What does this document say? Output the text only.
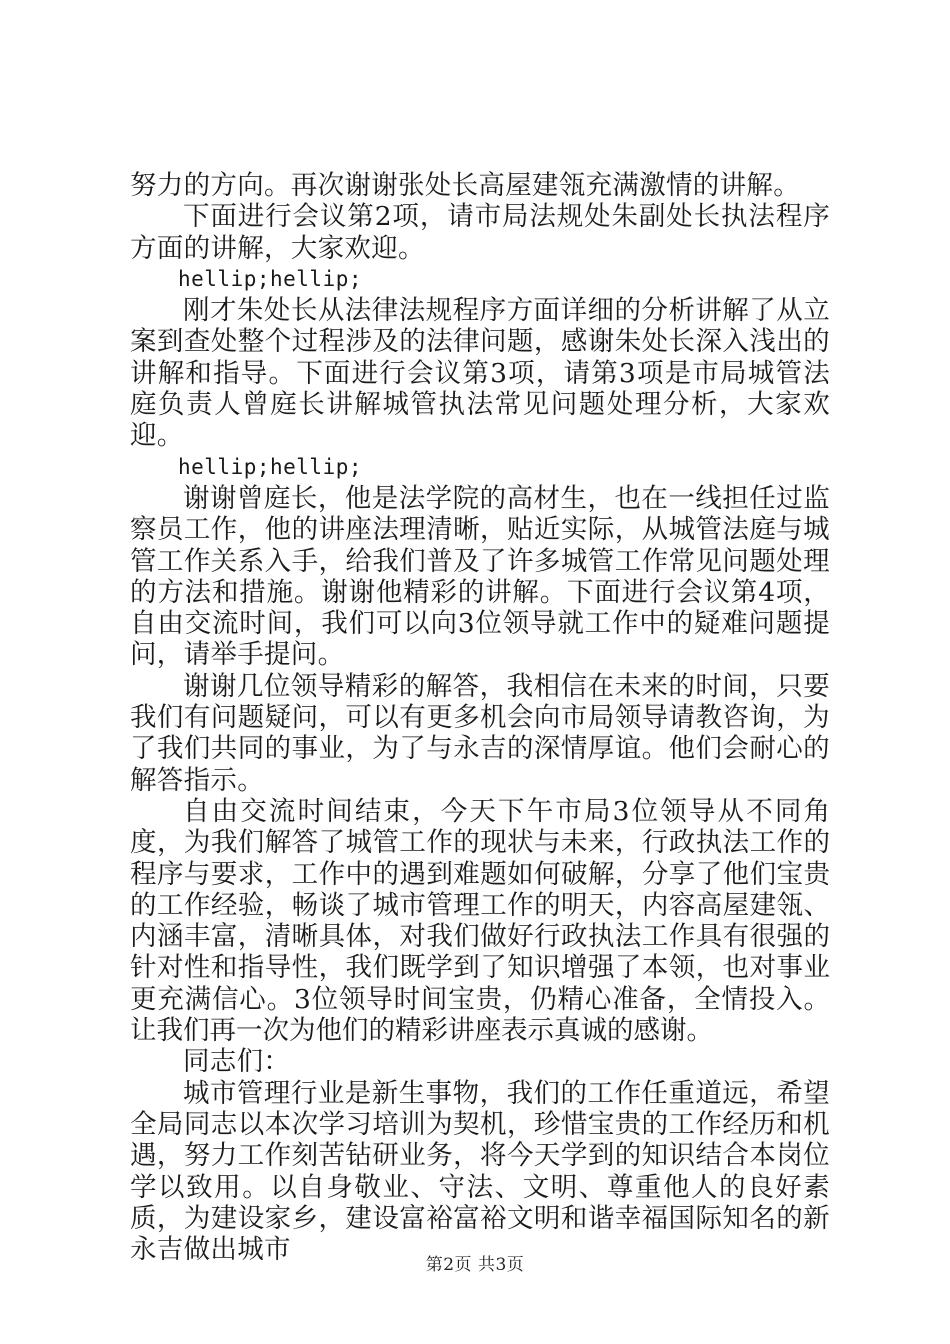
努力的方向。再次谢谢张处长高屋建瓴充满激情的讲解。

下面进行会议第2项，请市局法规处朱副处长执法程序方面的讲解，大家欢迎。

hellip;hellip;

刚才朱处长从法律法规程序方面详细的分析讲解了从立案到查处整个过程涉及的法律问题，感谢朱处长深入浅出的讲解和指导。下面进行会议第3项，请第3项是市局城管法庭负责人曾庭长讲解城管执法常见问题处理分析，大家欢迎。

hellip;hellip;

谢谢曾庭长，他是法学院的高材生，也在一线担任过监察员工作，他的讲座法理清晰，贴近实际，从城管法庭与城管工作关系入手，给我们普及了许多城管工作常见问题处理的方法和措施。谢谢他精彩的讲解。下面进行会议第4项，自由交流时间，我们可以向3位领导就工作中的疑难问题提问，请举手提问。

谢谢几位领导精彩的解答，我相信在未来的时间，只要我们有问题疑问，可以有更多机会向市局领导请教咨询，为了我们共同的事业，为了与永吉的深情厚谊。他们会耐心的解答指示。

自由交流时间结束，今天下午市局3位领导从不同角度，为我们解答了城管工作的现状与未来，行政执法工作的程序与要求，工作中的遇到难题如何破解，分享了他们宝贵的工作经验，畅谈了城市管理工作的明天，内容高屋建瓴、内涵丰富，清晰具体，对我们做好行政执法工作具有很强的针对性和指导性，我们既学到了知识增强了本领，也对事业更充满信心。3位领导时间宝贵，仍精心准备，全情投入。让我们再一次为他们的精彩讲座表示真诚的感谢。

同志们：

城市管理行业是新生事物，我们的工作任重道远，希望全局同志以本次学习培训为契机，珍惜宝贵的工作经历和机遇，努力工作刻苦钻研业务，将今天学到的知识结合本岗位学以致用。以自身敬业、守法、文明、尊重他人的良好素质，为建设家乡，建设富裕富裕文明和谐幸福国际知名的新永吉做出城市	第2页 共3页
